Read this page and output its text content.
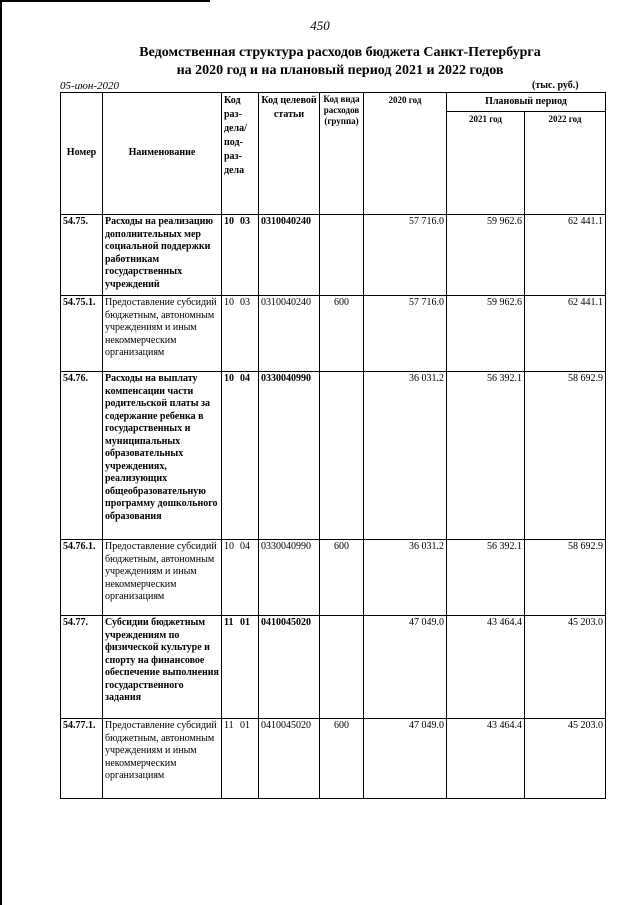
450
Ведомственная структура расходов бюджета Санкт-Петербурга
на 2020 год и на плановый период 2021 и 2022 годов
05-июн-2020	(тыс. руб.)
Номер	Наименование	Код раз-дела/ под-раз-дела	Код целевой статьи	Код вида расходов (группа)	2020 год	Плановый период	
						2021 год	2022 год
54.75.	Расходы на реализацию дополнительных мер социальной поддержки работникам государственных учреждений	10 03	0310040240		57 716.0	59 962.6	62 441.1
54.75.1.	Предоставление субсидий бюджетным, автономным учреждениям и иным некоммерческим организациям	10 03	0310040240	600	57 716.0	59 962.6	62 441.1
54.76.	Расходы на выплату компенсации части родительской платы за содержание ребенка в государственных и муниципальных образовательных учреждениях, реализующих общеобразовательную программу дошкольного образования	10 04	0330040990		36 031.2	56 392.1	58 692.9
54.76.1.	Предоставление субсидий бюджетным, автономным учреждениям и иным некоммерческим организациям	10 04	0330040990	600	36 031.2	56 392.1	58 692.9
54.77.	Субсидии бюджетным учреждениям по физической культуре и спорту на финансовое обеспечение выполнения государственного задания	11 01	0410045020		47 049.0	43 464.4	45 203.0
54.77.1.	Предоставление субсидий бюджетным, автономным учреждениям и иным некоммерческим организациям	11 01	0410045020	600	47 049.0	43 464.4	45 203.0
